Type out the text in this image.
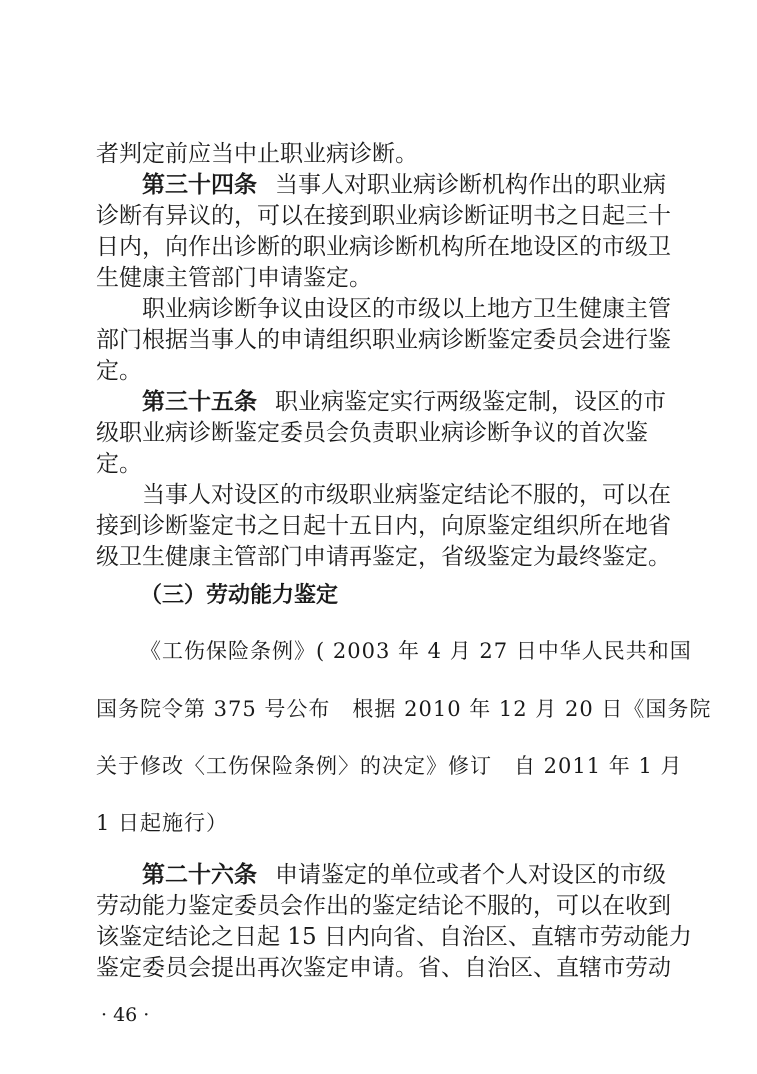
者判定前应当中止职业病诊断。
第三十四条 当事人对职业病诊断机构作出的职业病
诊断有异议的，可以在接到职业病诊断证明书之日起三十
日内，向作出诊断的职业病诊断机构所在地设区的市级卫
生健康主管部门申请鉴定。
职业病诊断争议由设区的市级以上地方卫生健康主管
部门根据当事人的申请组织职业病诊断鉴定委员会进行鉴
定。
第三十五条 职业病鉴定实行两级鉴定制，设区的市
级职业病诊断鉴定委员会负责职业病诊断争议的首次鉴
定。
当事人对设区的市级职业病鉴定结论不服的，可以在
接到诊断鉴定书之日起十五日内，向原鉴定组织所在地省
级卫生健康主管部门申请再鉴定，省级鉴定为最终鉴定。
（三）劳动能力鉴定
《工伤保险条例》( 2003 年 4 月 27 日中华人民共和国
国务院令第 375 号公布　根据 2010 年 12 月 20 日《国务院
关于修改〈工伤保险条例〉的决定》修订　自 2011 年 1 月
1 日起施行）
第二十六条 申请鉴定的单位或者个人对设区的市级
劳动能力鉴定委员会作出的鉴定结论不服的，可以在收到
该鉴定结论之日起 15 日内向省、自治区、直辖市劳动能力
鉴定委员会提出再次鉴定申请。省、自治区、直辖市劳动
· 46 ·
